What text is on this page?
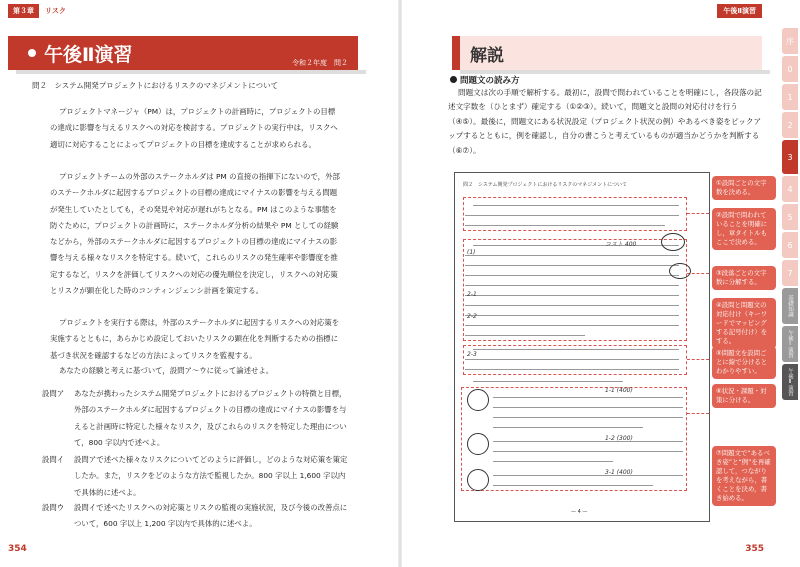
第３章	リスク
午後Ⅱ演習	令和２年度　問２
問２　システム開発プロジェクトにおけるリスクのマネジメントについて
プロジェクトマネージャ（PM）は，プロジェクトの計画時に，プロジェクトの目標の達成に影響を与えるリスクへの対応を検討する。プロジェクトの実行中は，リスクへ適切に対応することによってプロジェクトの目標を達成することが求められる。
プロジェクトチームの外部のステークホルダは PM の直接の指揮下にないので，外部のステークホルダに起因するプロジェクトの目標の達成にマイナスの影響を与える問題が発生していたとしても，その発見や対応が遅れがちとなる。PM はこのような事態を防ぐために，プロジェクトの計画時に，ステークホルダ分析の結果や PM としての経験などから，外部のステークホルダに起因するプロジェクトの目標の達成にマイナスの影響を与える様々なリスクを特定する。続いて，これらのリスクの発生確率や影響度を推定するなど，リスクを評価してリスクへの対応の優先順位を決定し，リスクへの対応策とリスクが顕在化した時のコンティンジェンシ計画を策定する。
プロジェクトを実行する際は，外部のステークホルダに起因するリスクへの対応策を実施するとともに，あらかじめ設定しておいたリスクの顕在化を判断するための指標に基づき状況を確認するなどの方法によってリスクを監視する。
あなたの経験と考えに基づいて，設問ア～ウに従って論述せよ。
設問ア あなたが携わったシステム開発プロジェクトにおけるプロジェクトの特徴と目標，外部のステークホルダに起因するプロジェクトの目標の達成にマイナスの影響を与えると計画時に特定した様々なリスク，及びこれらのリスクを特定した理由について，800 字以内で述べよ。
設問イ 設問アで述べた様々なリスクについてどのように評価し，どのような対応策を策定したか。また，リスクをどのような方法で監視したか。800 字以上 1,600 字以内で具体的に述べよ。
設問ウ 設問イで述べたリスクへの対応策とリスクの監視の実施状況，及び今後の改善点について，600 字以上 1,200 字以内で具体的に述べよ。
354
午後Ⅱ演習
解説
問題文の読み方
問題文は次の手順で解析する。最初に，設問で問われていることを明確にし，各段落の記述文字数を（ひとまず）確定する（①②③）。続いて，問題文と設問の対応付けを行う（④⑤）。最後に，問題文にある状況設定（プロジェクト状況の例）やあるべき姿をピックアップするとともに，例を確認し，自分の書こうと考えているものが適当かどうかを判断する（⑥⑦）。
問２　システム開発プロジェクトにおけるリスクのマネジメントについて
(1)
2-1
2-2
2-3
コスト 400
1-1 (400)
1-2 (300)
3-1 (400)
— 4 —
①設問ごとの文字数を決める。
②設問で問われていることを明確にし，章タイトルもここで決める。
③段落ごとの文字数に分解する。
④設問と問題文の対応付け（キーワードでマッピングする記号付け）をする。
⑤問題文を設問ごとに線で分けるとわかりやすい。
⑥状況・課題・対策に分ける。
⑦問題文で“あるべき姿”と“例”を再確認して，つながりを考えながら，書くことを決め，書き始める。
355
序
0
1
2
3
4
5
6
7
基礎知識
午後Ⅰ演習
午後Ⅱ演習
